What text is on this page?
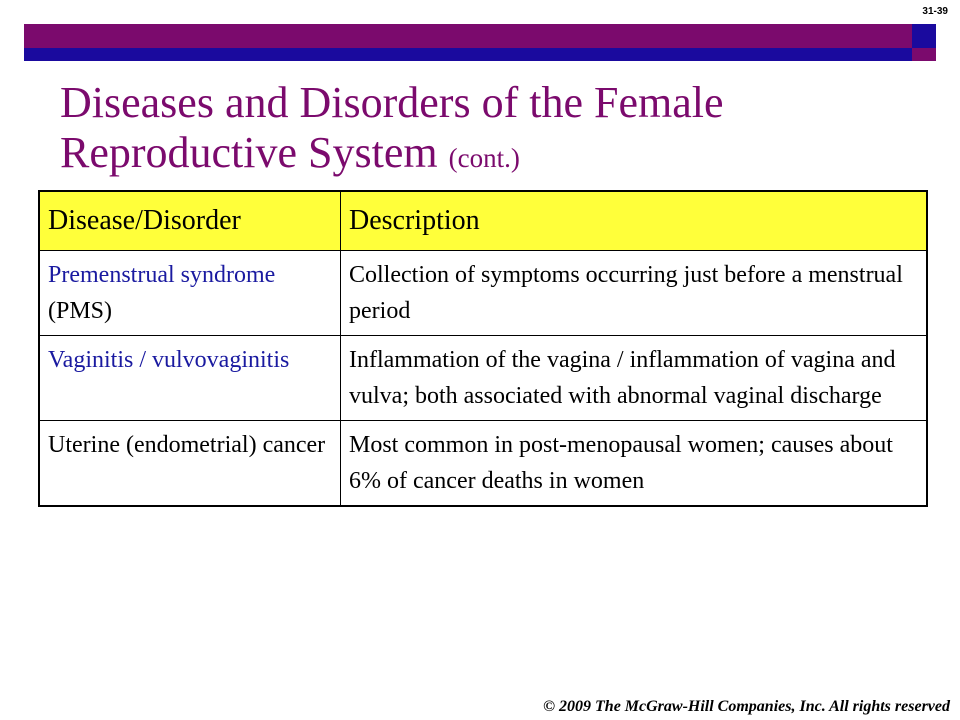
31-39
Diseases and Disorders of the Female
Reproductive System (cont.)
Disease/Disorder	Description
Premenstrual syndrome (PMS)	Collection of symptoms occurring just before a menstrual period
Vaginitis / vulvovaginitis	Inflammation of the vagina / inflammation of vagina and vulva; both associated with abnormal vaginal discharge
Uterine (endometrial) cancer	Most common in post-menopausal women; causes about 6% of cancer deaths in women
© 2009 The McGraw-Hill Companies, Inc. All rights reserved
